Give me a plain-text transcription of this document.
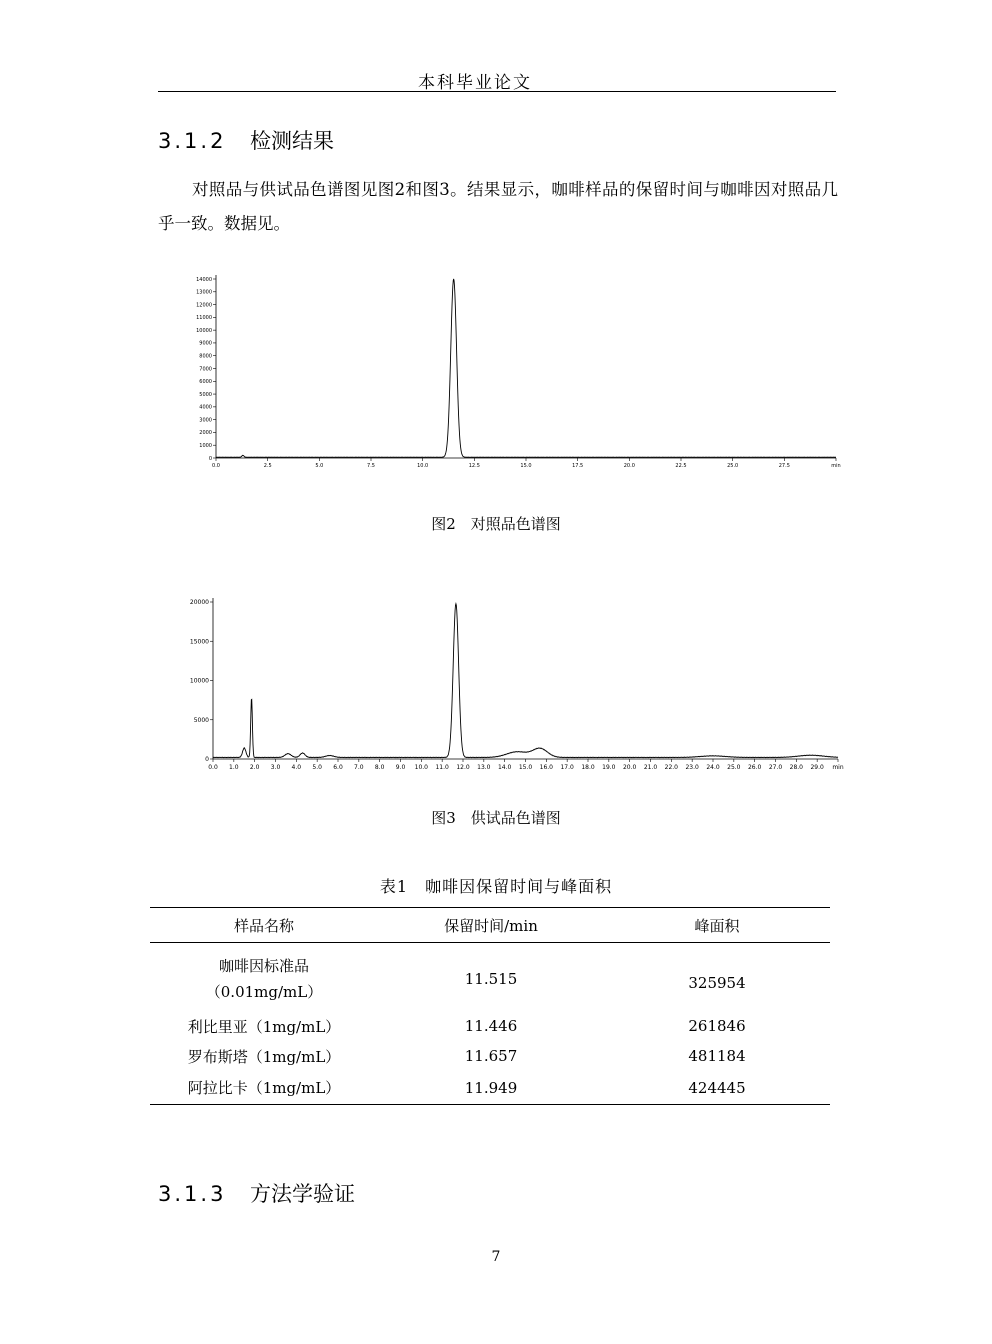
本科毕业论文
3.1.2 检测结果
对照品与供试品色谱图见图2和图3。结果显示，咖啡样品的保留时间与咖啡因对照品几乎一致。数据见。
0.0	2.5	5.0	7.5	10.0	12.5	15.0	17.5	20.0	22.5	25.0	27.5	min
0
1000
2000
3000
4000
5000
6000
7000
8000
9000
10000
11000
12000
13000
14000
图2　对照品色谱图
0.0 1.0 2.0 3.0 4.0 5.0 6.0 7.0 8.0 9.0 10.0 11.0 12.0 13.0 14.0 15.0 16.0 17.0 18.0 19.0 20.0 21.0 22.0 23.0 24.0 25.0 26.0 27.0 28.0 29.0 min
0
5000
10000
15000
20000
图3　供试品色谱图
表1　咖啡因保留时间与峰面积
样品名称	保留时间/min	峰面积

咖啡因标准品
（0.01mg/mL）	11.515	325954
利比里亚（1mg/mL）	11.446	261846
罗布斯塔（1mg/mL）	11.657	481184
阿拉比卡（1mg/mL）	11.949	424445
3.1.3 方法学验证
7
